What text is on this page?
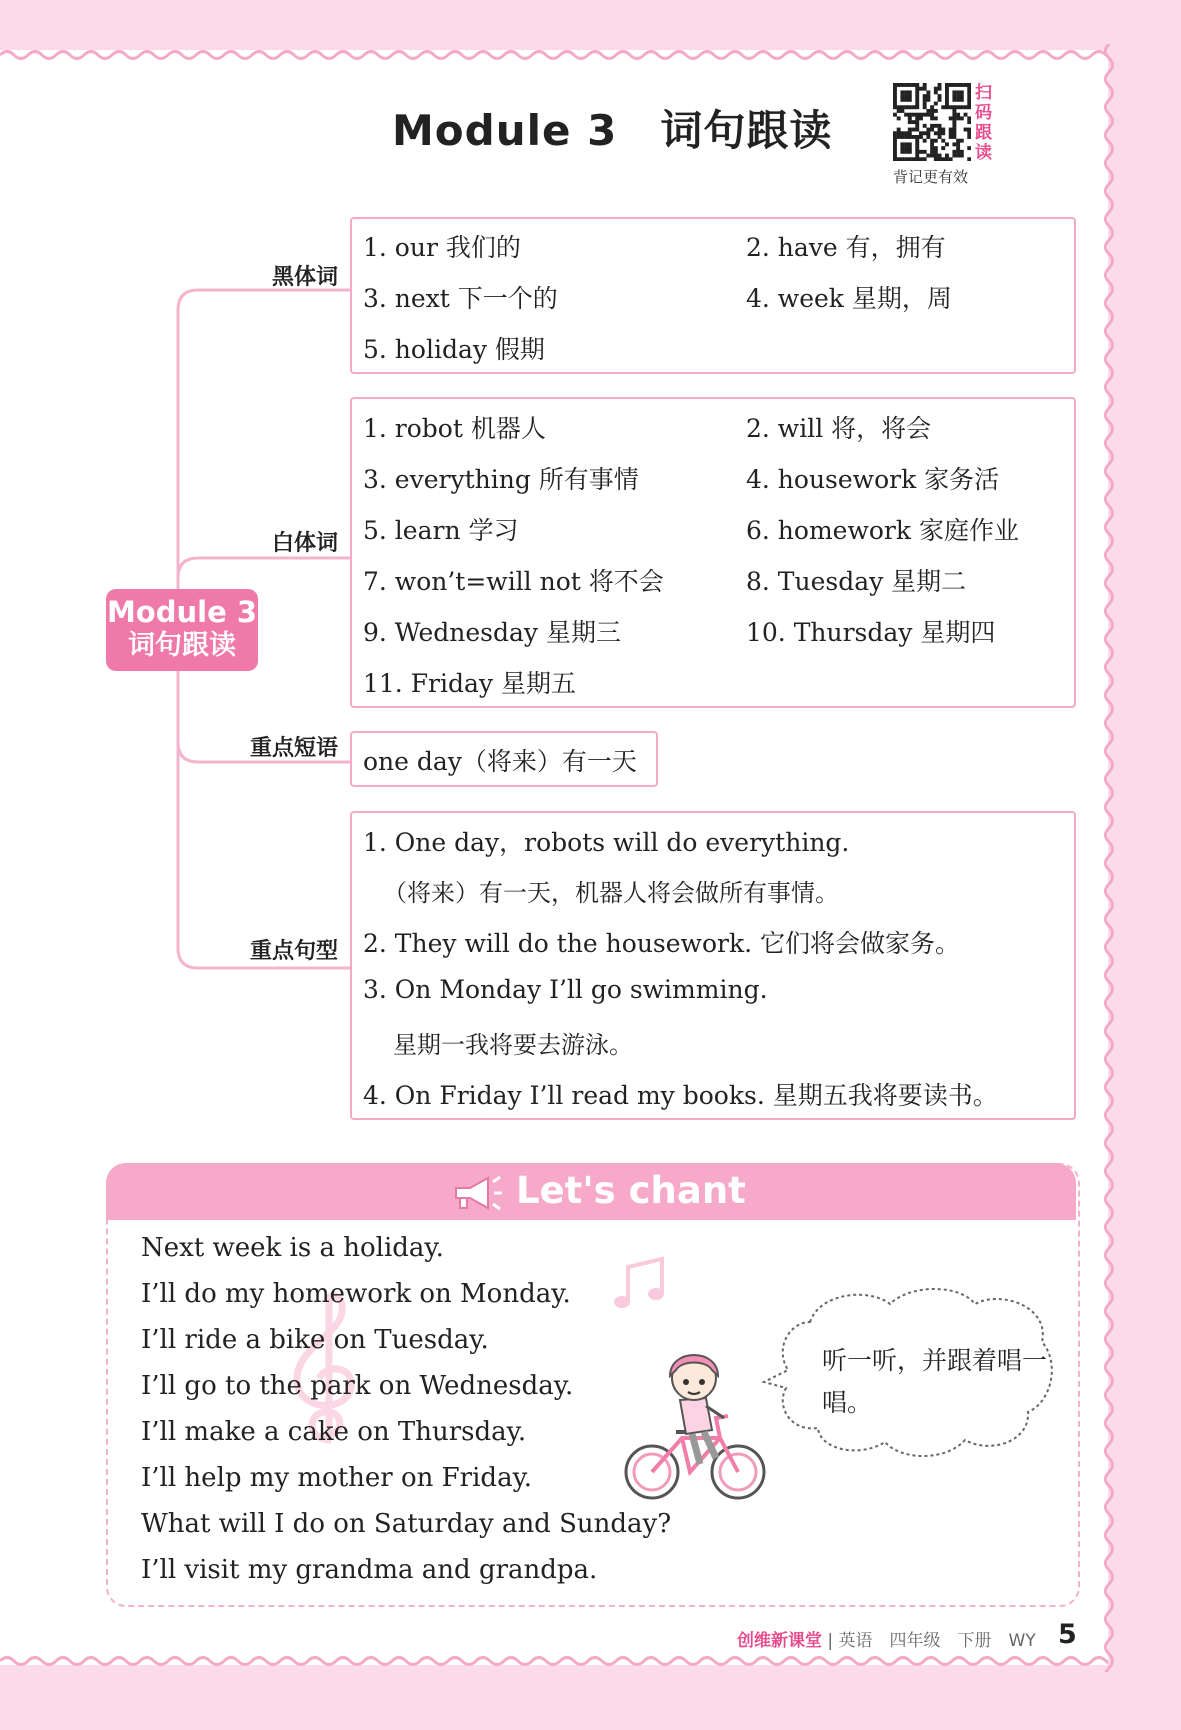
Module 3　词句跟读
扫码跟读
背记更有效
Module 3
词句跟读
黑体词
白体词
重点短语
重点句型
1. our 我们的	2. have 有，拥有
3. next 下一个的	4. week 星期，周
5. holiday 假期
1. robot 机器人	2. will 将，将会
3. everything 所有事情	4. housework 家务活
5. learn 学习	6. homework 家庭作业
7. won’t=will not 将不会	8. Tuesday 星期二
9. Wednesday 星期三	10. Thursday 星期四
11. Friday 星期五
one day（将来）有一天
1. One day，robots will do everything.
（将来）有一天，机器人将会做所有事情。
2. They will do the housework. 它们将会做家务。
3. On Monday I’ll go swimming.
星期一我将要去游泳。
4. On Friday I’ll read my books. 星期五我将要读书。
Let's chant
Next week is a holiday.
I’ll do my homework on Monday.
I’ll ride a bike on Tuesday.
I’ll go to the park on Wednesday.
I’ll make a cake on Thursday.
I’ll help my mother on Friday.
What will I do on Saturday and Sunday?
I’ll visit my grandma and grandpa.
听一听，并跟着唱一唱。
创维新课堂 | 英语　四年级　下册　WY 5
